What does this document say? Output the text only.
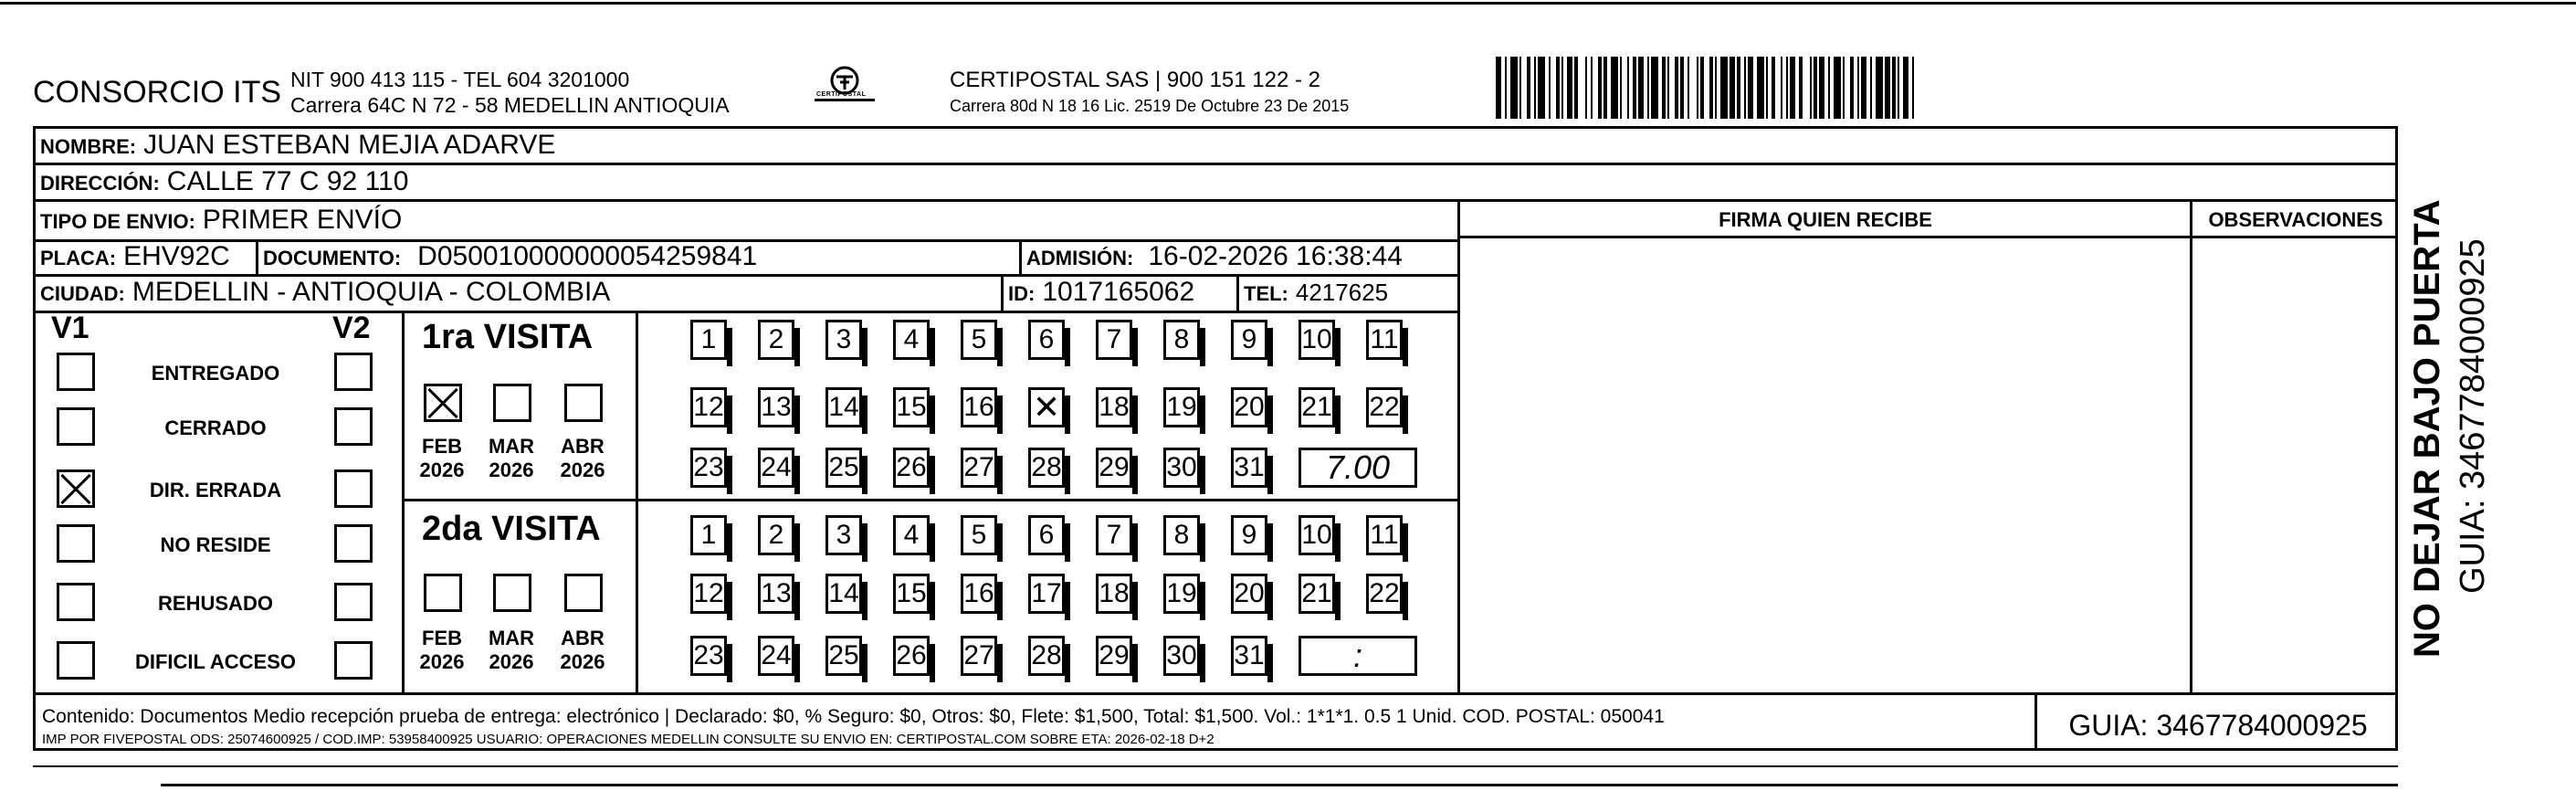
CONSORCIO ITS NIT 900 413 115 - TEL 604 3201000
Carrera 64C N 72 - 58 MEDELLIN ANTIOQUIA	CERTIPOSTAL
CERTIPOSTAL SAS | 900 151 122 - 2
Carrera 80d N 18 16 Lic. 2519 De Octubre 23 De 2015
NOMBRE: JUAN ESTEBAN MEJIA ADARVE
DIRECCIÓN: CALLE 77 C 92 110
TIPO DE ENVIO: PRIMER ENVÍO
PLACA: EHV92C DOCUMENTO: D050010000000054259841	ADMISIÓN: 16-02-2026 16:38:44
CIUDAD: MEDELLIN - ANTIOQUIA - COLOMBIA	ID: 1017165062 TEL: 4217625
FIRMA QUIEN RECIBE	OBSERVACIONES
V1	V2
ENTREGADO
CERRADO
DIR. ERRADA
NO RESIDE
REHUSADO
DIFICIL ACCESO
1ra VISITA
FEB
2026
MAR
2026
ABR
2026
1	2	3	4	5	6	7	8	9	10 11
12 13 14 15 16
✕	18 19 20 21 22
23 24 25 26 27 28 29 30 31	7.00
2da VISITA
FEB
2026
MAR
2026
ABR
2026
1	2	3	4	5	6	7	8	9	10 11
12 13 14 15 16 17 18 19 20 21 22
23 24 25 26 27 28 29 30 31	:
Contenido: Documentos Medio recepción prueba de entrega: electrónico | Declarado: $0, % Seguro: $0, Otros: $0, Flete: $1,500, Total: $1,500. Vol.: 1*1*1. 0.5 1 Unid. COD. POSTAL: 050041
IMP POR FIVEPOSTAL ODS: 25074600925 / COD.IMP: 53958400925 USUARIO: OPERACIONES MEDELLIN CONSULTE SU ENVIO EN: CERTIPOSTAL.COM SOBRE ETA: 2026-02-18 D+2	GUIA: 3467784000925
NO DEJAR BAJO PUERTA GUIA: 3467784000925
